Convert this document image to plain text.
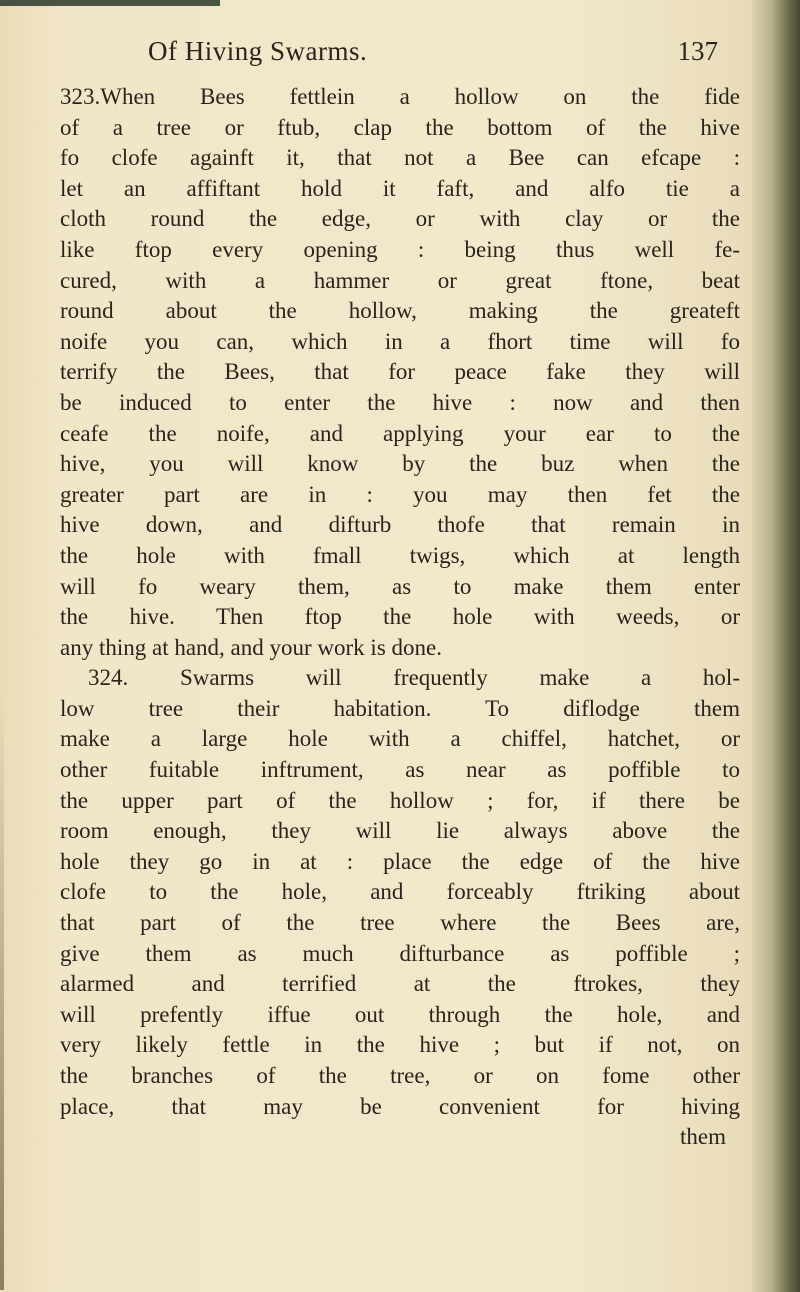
Of Hiving Swarms.	137
323.When Bees fettlein a hollow on the fide
of a tree or ftub, clap the bottom of the hive
fo clofe againft it, that not a Bee can efcape :
let an affiftant hold it faft, and alfo tie a
cloth round the edge, or with clay or the
like ftop every opening : being thus well fe-
cured, with a hammer or great ftone, beat
round about the hollow, making the greateft
noife you can, which in a fhort time will fo
terrify the Bees, that for peace fake they will
be induced to enter the hive : now and then
ceafe the noife, and applying your ear to the
hive, you will know by the buz when the
greater part are in : you may then fet the
hive down, and difturb thofe that remain in
the hole with fmall twigs, which at length
will fo weary them, as to make them enter
the hive. Then ftop the hole with weeds, or
any thing at hand, and your work is done.
324. Swarms will frequently make a hol-
low tree their habitation. To diflodge them
make a large hole with a chiffel, hatchet, or
other fuitable inftrument, as near as poffible to
the upper part of the hollow ; for, if there be
room enough, they will lie always above the
hole they go in at : place the edge of the hive
clofe to the hole, and forceably ftriking about
that part of the tree where the Bees are,
give them as much difturbance as poffible ;
alarmed and terrified at the ftrokes, they
will prefently iffue out through the hole, and
very likely fettle in the hive ; but if not, on
the branches of the tree, or on fome other
place, that may be convenient for hiving
them
